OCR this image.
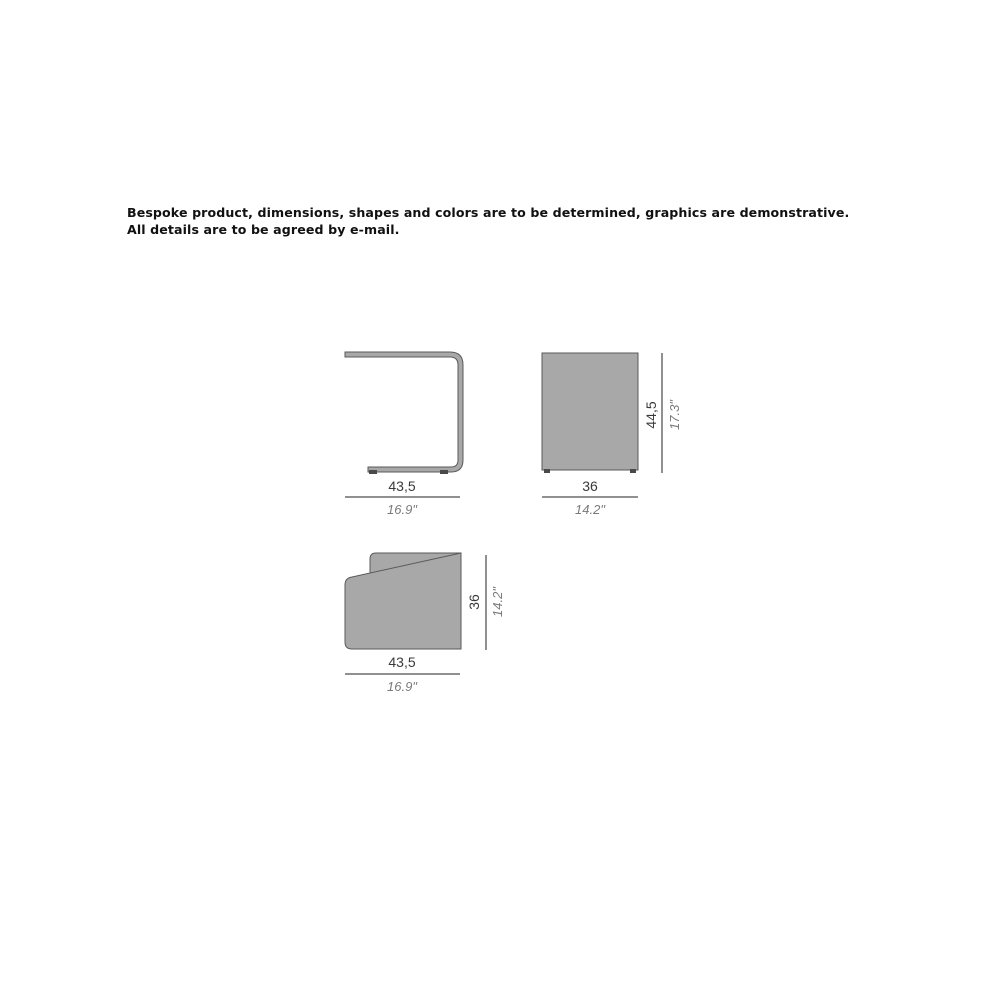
Bespoke product, dimensions, shapes and colors are to be determined, graphics are demonstrative.
All details are to be agreed by e-mail.
43,5
16.9"
36
14.2"
44,5 17.3"
43,5
16.9"
36 14.2"
